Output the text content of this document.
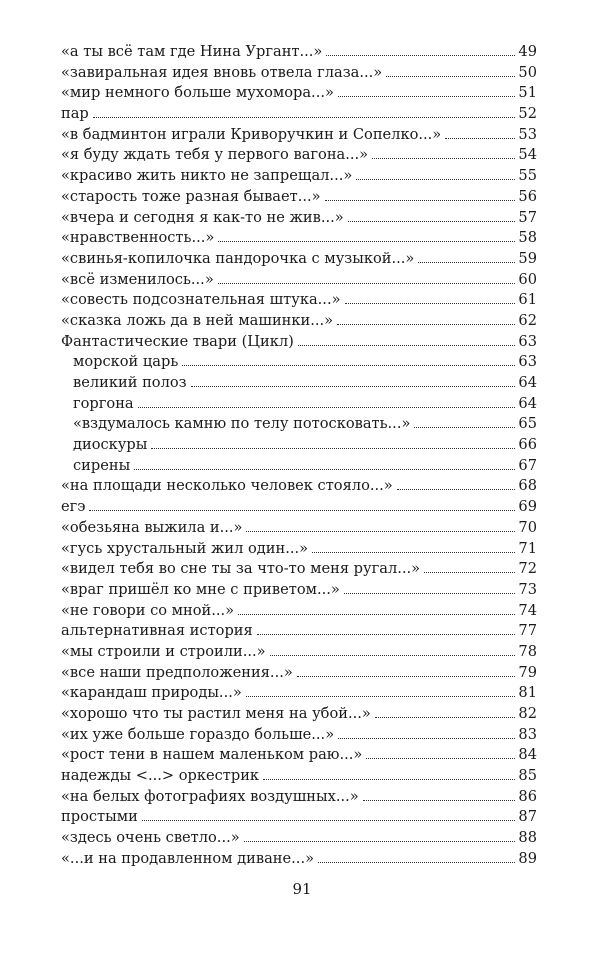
«а ты всё там где Нина Ургант...»	49
«завиральная идея вновь отвела глаза...»	50
«мир немного больше мухомора...»	51
пар	52
«в бадминтон играли Криворучкин и Сопелко...»	53
«я буду ждать тебя у первого вагона...»	54
«красиво жить никто не запрещал...»	55
«старость тоже разная бывает...»	56
«вчера и сегодня я как-то не жив...»	57
«нравственность...»	58
«свинья-копилочка пандорочка с музыкой...»	59
«всё изменилось...»	60
«совесть подсознательная штука...»	61
«сказка ложь да в ней машинки...»	62
Фантастические твари (Цикл)	63
морской царь	63
великий полоз	64
горгона	64
«вздумалось камню по телу потосковать...»	65
диоскуры	66
сирены	67
«на площади несколько человек стояло...»	68
егэ	69
«обезьяна выжила и...»	70
«гусь хрустальный жил один...»	71
«видел тебя во сне ты за что-то меня ругал...»	72
«враг пришёл ко мне с приветом...»	73
«не говори со мной...»	74
альтернативная история	77
«мы строили и строили...»	78
«все наши предположения...»	79
«карандаш природы...»	81
«хорошо что ты растил меня на убой...»	82
«их уже больше гораздо больше...»	83
«рост тени в нашем маленьком раю...»	84
надежды <...> оркестрик	85
«на белых фотографиях воздушных...»	86
простыми	87
«здесь очень светло...»	88
«...и на продавленном диване...»	89
91
